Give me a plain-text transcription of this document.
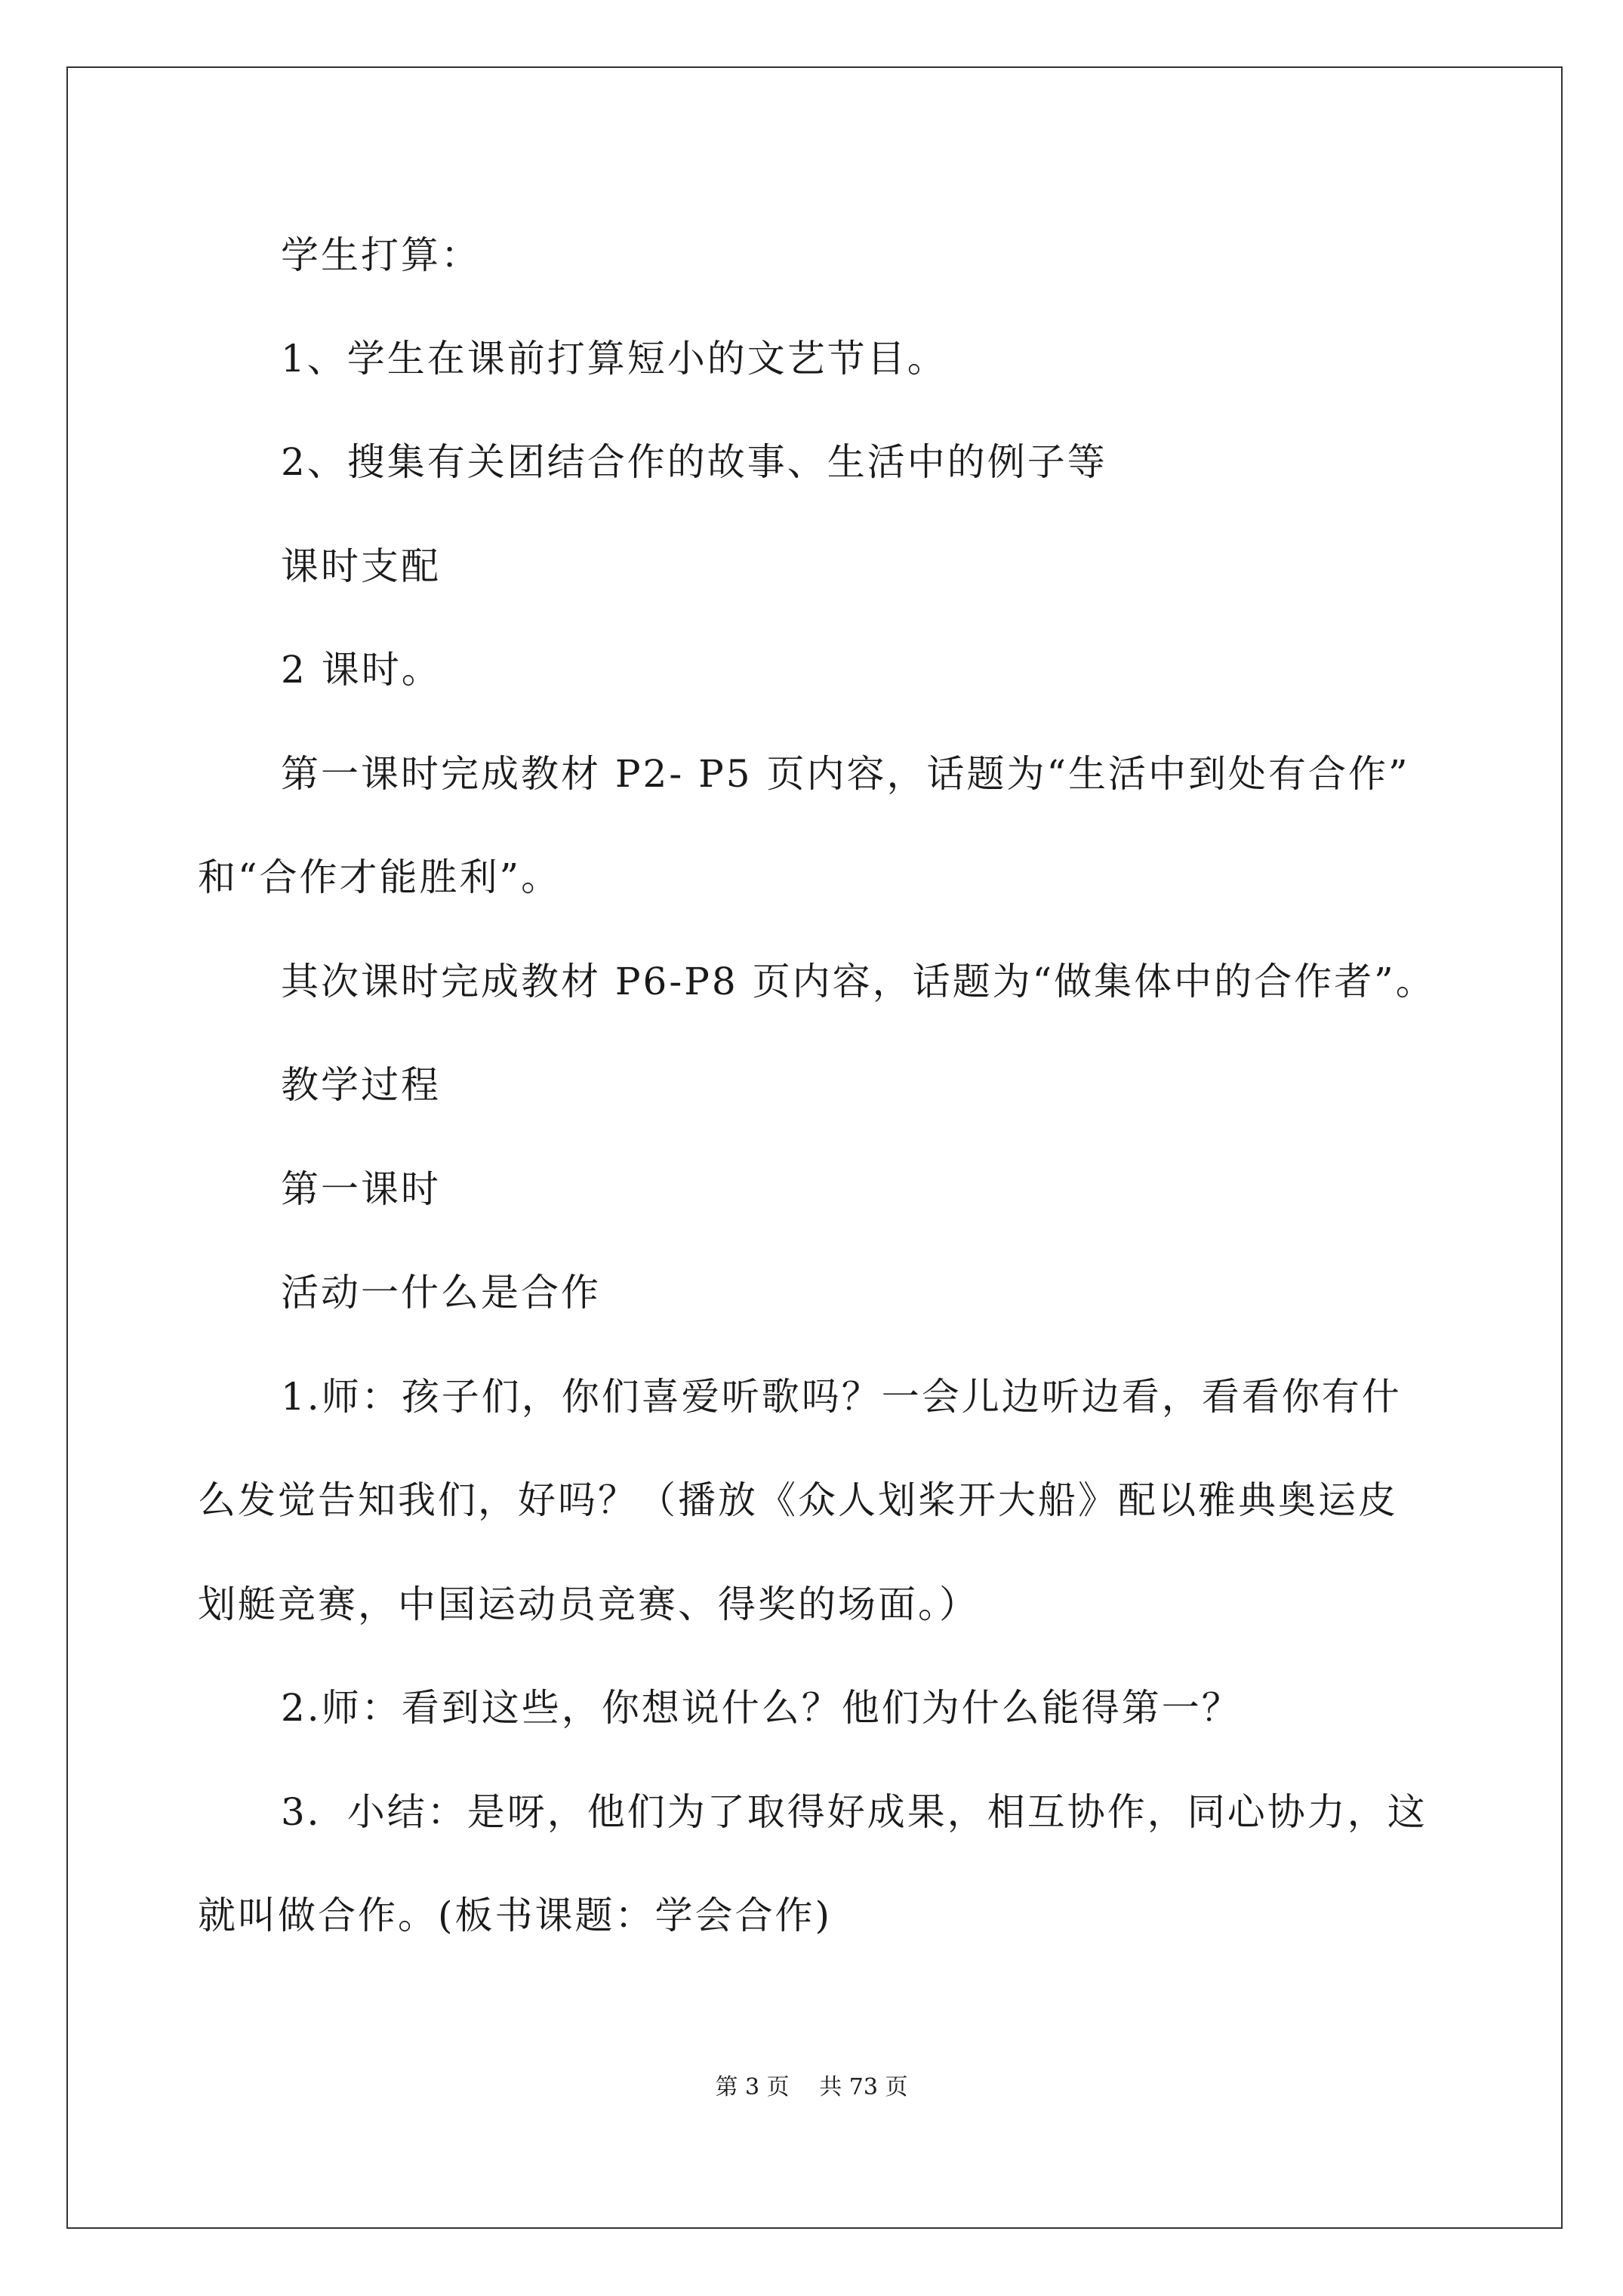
学生打算：
1、学生在课前打算短小的文艺节目。
2、搜集有关团结合作的故事、生活中的例子等
课时支配
2 课时。
第一课时完成教材 P2- P5 页内容，话题为“生活中到处有合作”
和“合作才能胜利”。
其次课时完成教材 P6-P8 页内容，话题为“做集体中的合作者”。
教学过程
第一课时
活动一什么是合作
1.师：孩子们，你们喜爱听歌吗？一会儿边听边看，看看你有什
么发觉告知我们，好吗？（播放《众人划桨开大船》配以雅典奥运皮
划艇竞赛，中国运动员竞赛、得奖的场面。）
2.师：看到这些，你想说什么？他们为什么能得第一？
3．小结：是呀，他们为了取得好成果，相互协作，同心协力，这
就叫做合作。(板书课题：学会合作)
第 3 页　 共 73 页
